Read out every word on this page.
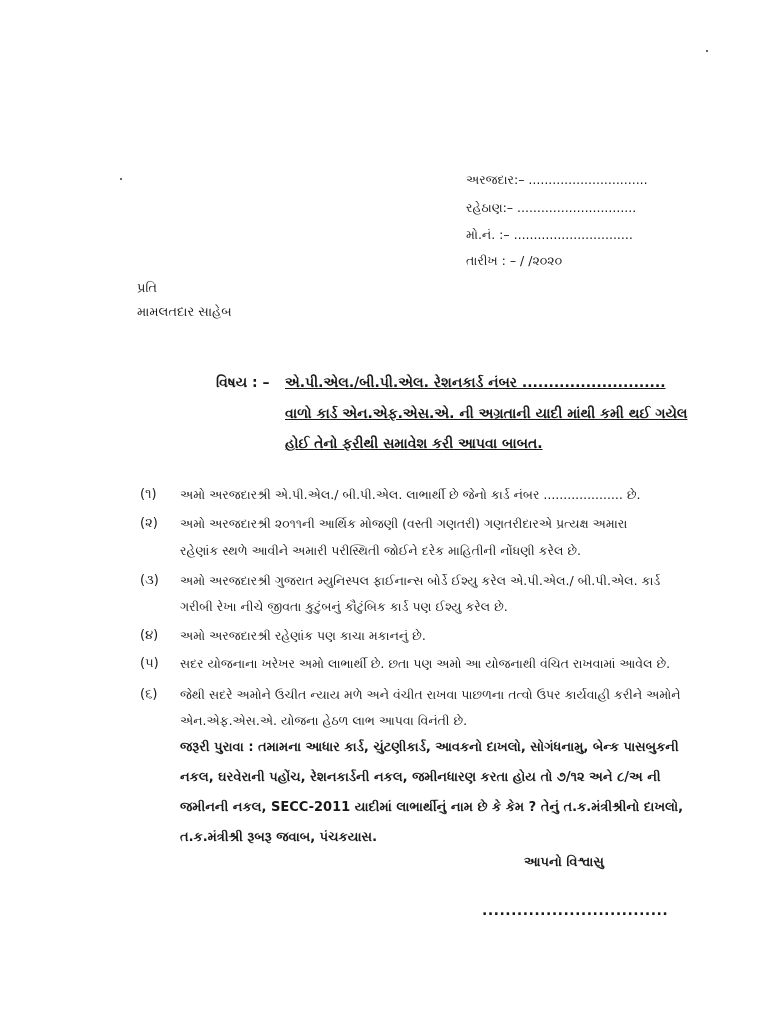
અરજદાર:– ..............................
રહેઠાણ:– ..............................
મો.નં. :– ..............................
તારીખ : – / /૨૦૨૦
પ્રતિ
મામલતદાર સાહેબ
વિષય : – એ.પી.એલ./બી.પી.એલ. રેશનકાર્ડ નંબર ...........................
વાળો કાર્ડ એન.એફ.એસ.એ. ની અગ્રતાની યાદી માંથી કમી થઈ ગયેલ
હોઈ તેનો ફરીથી સમાવેશ કરી આપવા બાબત.
(૧) અમો અરજદારશ્રી એ.પી.એલ./ બી.પી.એલ. લાભાર્થી છે જેનો કાર્ડ નંબર .................... છે.
(૨) અમો અરજદારશ્રી ૨૦૧૧ની આર્થિક મોજણી (વસ્તી ગણતરી) ગણતરીદારએ પ્રત્યક્ષ અમારા
રહેણાંક સ્થળે આવીને અમારી પરીસ્થિતી જોઈને દરેક માહિતીની નોંધણી કરેલ છે.
(૩) અમો અરજદારશ્રી ગુજરાત મ્યુનિસ્પલ ફાઈનાન્સ બોર્ડે ઈશ્યુ કરેલ એ.પી.એલ./ બી.પી.એલ. કાર્ડ
ગરીબી રેખા નીચે જીવતા કુટુંબનું કૌટુંબિક કાર્ડ પણ ઈશ્યુ કરેલ છે.
(૪) અમો અરજદારશ્રી રહેણાંક પણ કાચા મકાનનું છે.
(૫) સદર યોજનાના ખરેખર અમો લાભાર્થી છે. છતા પણ અમો આ યોજનાથી વંચિત રાખવામાં આવેલ છે.
(૬) જેથી સદરે અમોને ઉચીત ન્યાય મળે અને વંચીત રાખવા પાછળના તત્વો ઉપર કાર્યવાહી કરીને અમોને
એન.એફ.એસ.એ. યોજના હેઠળ લાભ આપવા વિનંતી છે.
જરૂરી પુરાવા : તમામના આધાર કાર્ડ, ચુંટણીકાર્ડ, આવકનો દાખલો, સોગંધનામુ, બેન્ક પાસબુકની
નકલ, ઘરવેરાની પહોંચ, રેશનકાર્ડની નકલ, જમીનધારણ કરતા હોય તો ૭/૧૨ અને ૮/અ ની
જમીનની નકલ, SECC-2011 યાદીમાં લાભાર્થીનું નામ છે કે કેમ ? તેનું ત.ક.મંત્રીશ્રીનો દાખલો,
ત.ક.મંત્રીશ્રી રૂબરૂ જવાબ, પંચકયાસ.
આપનો વિશ્વાસુ
................................
